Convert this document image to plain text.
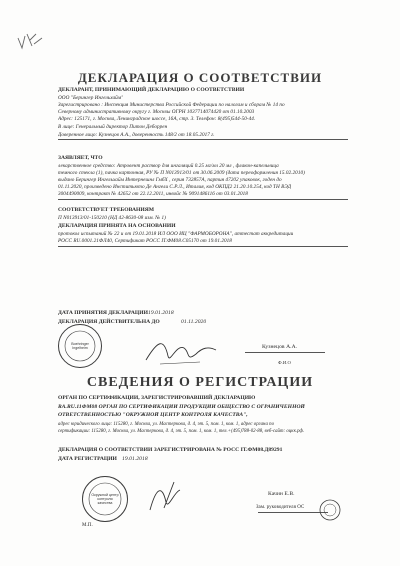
ДЕКЛАРАЦИЯ О СООТВЕТСТВИИ
ДЕКЛАРАНТ, ПРИНИМАЮЩИЙ ДЕКЛАРАЦИЮ О СООТВЕТСТВИИ
ООО "Берингер Ингельхайм"
Зарегистрировано : Инспекция Министерства Российской Федерации по налогам и сборам № 14 по
Северному административному округу г. Москвы ОГРН 1037714074420 от 01.10.2003
Адрес: 125171, г. Москва, Ленинградское шоссе, 16А, стр. 3. Телефон: 8(495)544-50-44.
В лице: Генеральный директор Питон Деборрен
Доверенное лицо: Кузнецов А.А., доверенность 148/2 от 18.05.2017 г.
ЗАЯВЛЯЕТ, ЧТО
лекарственное средство: Атровент раствор для ингаляций 0.25 мг/мл 20 мл , флакон-капельница
темного стекла (1), пачка картонная, РУ № П N013913/01 от 30.06.2009 (дата переоформления 15.02.2010)
выдано Берингер Ингельхайм Интернешнл ГмбХ , серия 732857A, партия 47202 упаковок, годен до
01.11.2020, произведено Инститьюто Де Ангели С.Р.Л., Италия, код ОКПД2 21.20.10.254, код ТН ВЭД
3004490009, контракт № 42652 от 22.12.2011, инвойс № 9091486116 от 03.01.2018
СООТВЕТСТВУЕТ ТРЕБОВАНИЯМ
П N013913/01-150210 (НД 42-8630-08 изм. № 1)
ДЕКЛАРАЦИЯ ПРИНЯТА НА ОСНОВАНИИ
протокол испытаний № 22 и от 19.01.2018 ИЛ ООО ИЦ "ФАРМОБОРОНА", аттестат аккредитации
РОСС RU.0001.21ФЛ40, Сертификат РОСС IT.ФМ08.С05170 от 19.01.2018
ДАТА ПРИНЯТИЯ ДЕКЛАРАЦИИ 19.01.2018
ДЕКЛАРАЦИЯ ДЕЙСТВИТЕЛЬНА ДО	01.11.2020
Boehringer Ingelheim	Кузнецов А.А.
Ф.И.О
СВЕДЕНИЯ О РЕГИСТРАЦИИ
ОРГАН ПО СЕРТИФИКАЦИИ, ЗАРЕГИСТРИРОВАВШИЙ ДЕКЛАРАЦИЮ
RA.RU.11ФМ08 ОРГАН ПО СЕРТИФИКАЦИИ ПРОДУКЦИИ ОБЩЕСТВО С ОГРАНИЧЕННОЙ
ОТВЕТСТВЕННОСТЬЮ "ОКРУЖНОЙ ЦЕНТР КОНТРОЛЯ КАЧЕСТВА",
адрес юридического лица: 115280, г. Москва, ул. Мастеркова, д. 4, эт. 5, пом. 1, ком. 1, адрес органа по
сертификации: 115280, г. Москва, ул. Мастеркова, д. 4, эт. 5, пом. 1, ком. 1, тел.+(495)788-02-88, веб-сайт: оцкк.рф.
ДЕКЛАРАЦИЯ О СООТВЕТСТВИИ ЗАРЕГИСТРИРОВАНА № РОСС IT.ФМ08.Д89291
ДАТА РЕГИСТРАЦИИ 19.01.2018
Окружной центр контроля качества
Качин Е.В.
Зам. руководителя ОС
М.П.
